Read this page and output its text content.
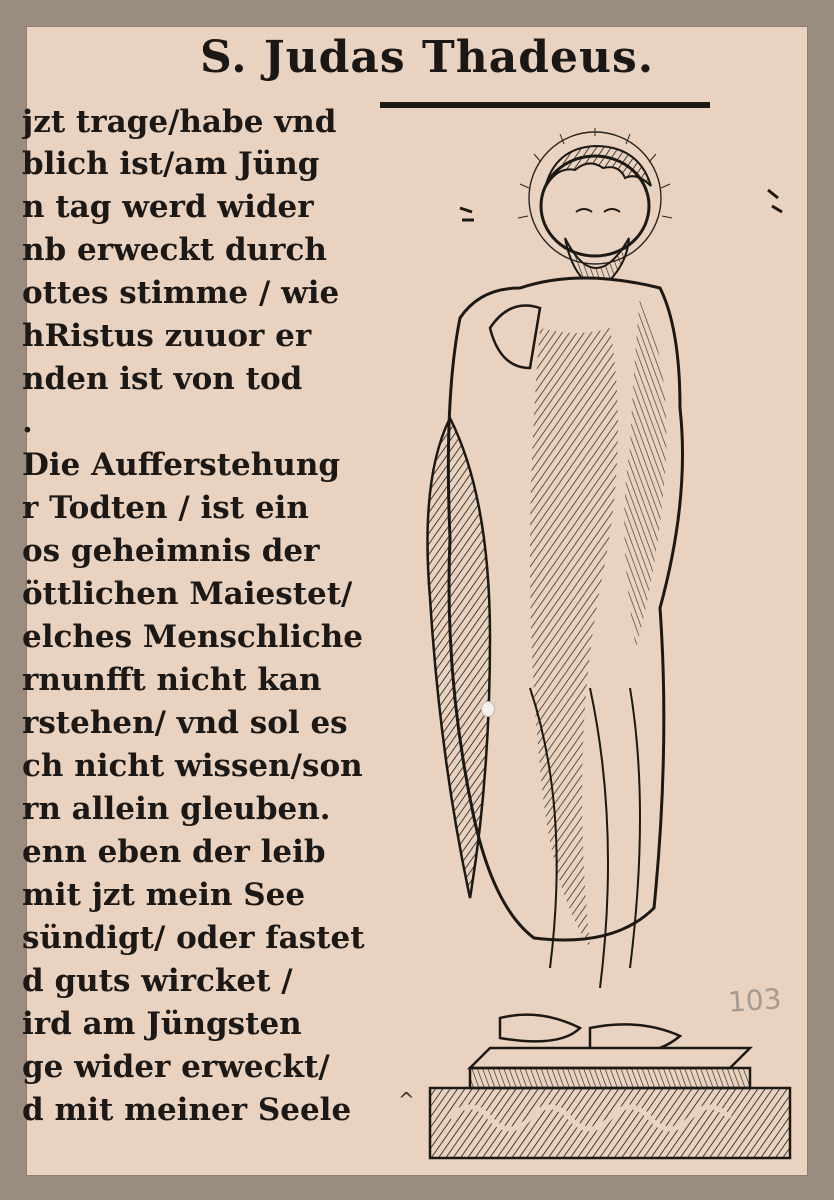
S. Judas Thadeus.
jzt trage/habe vnd
blich ist/am Jüng
n tag werd wider
nb erweckt durch
ottes stimme / wie
hRistus zuuor er
nden ist von tod
.
Die Aufferstehung
r Todten / ist ein
os geheimnis der
öttlichen Maiestet/
elches Menschliche
rnunfft nicht kan
rstehen/ vnd sol es
ch nicht wissen/son
rn allein gleuben.
enn eben der leib
mit jzt mein See
sündigt/ oder fastet
d guts wircket /
ird am Jüngsten
ge wider erweckt/
d mit meiner Seele
103
^
